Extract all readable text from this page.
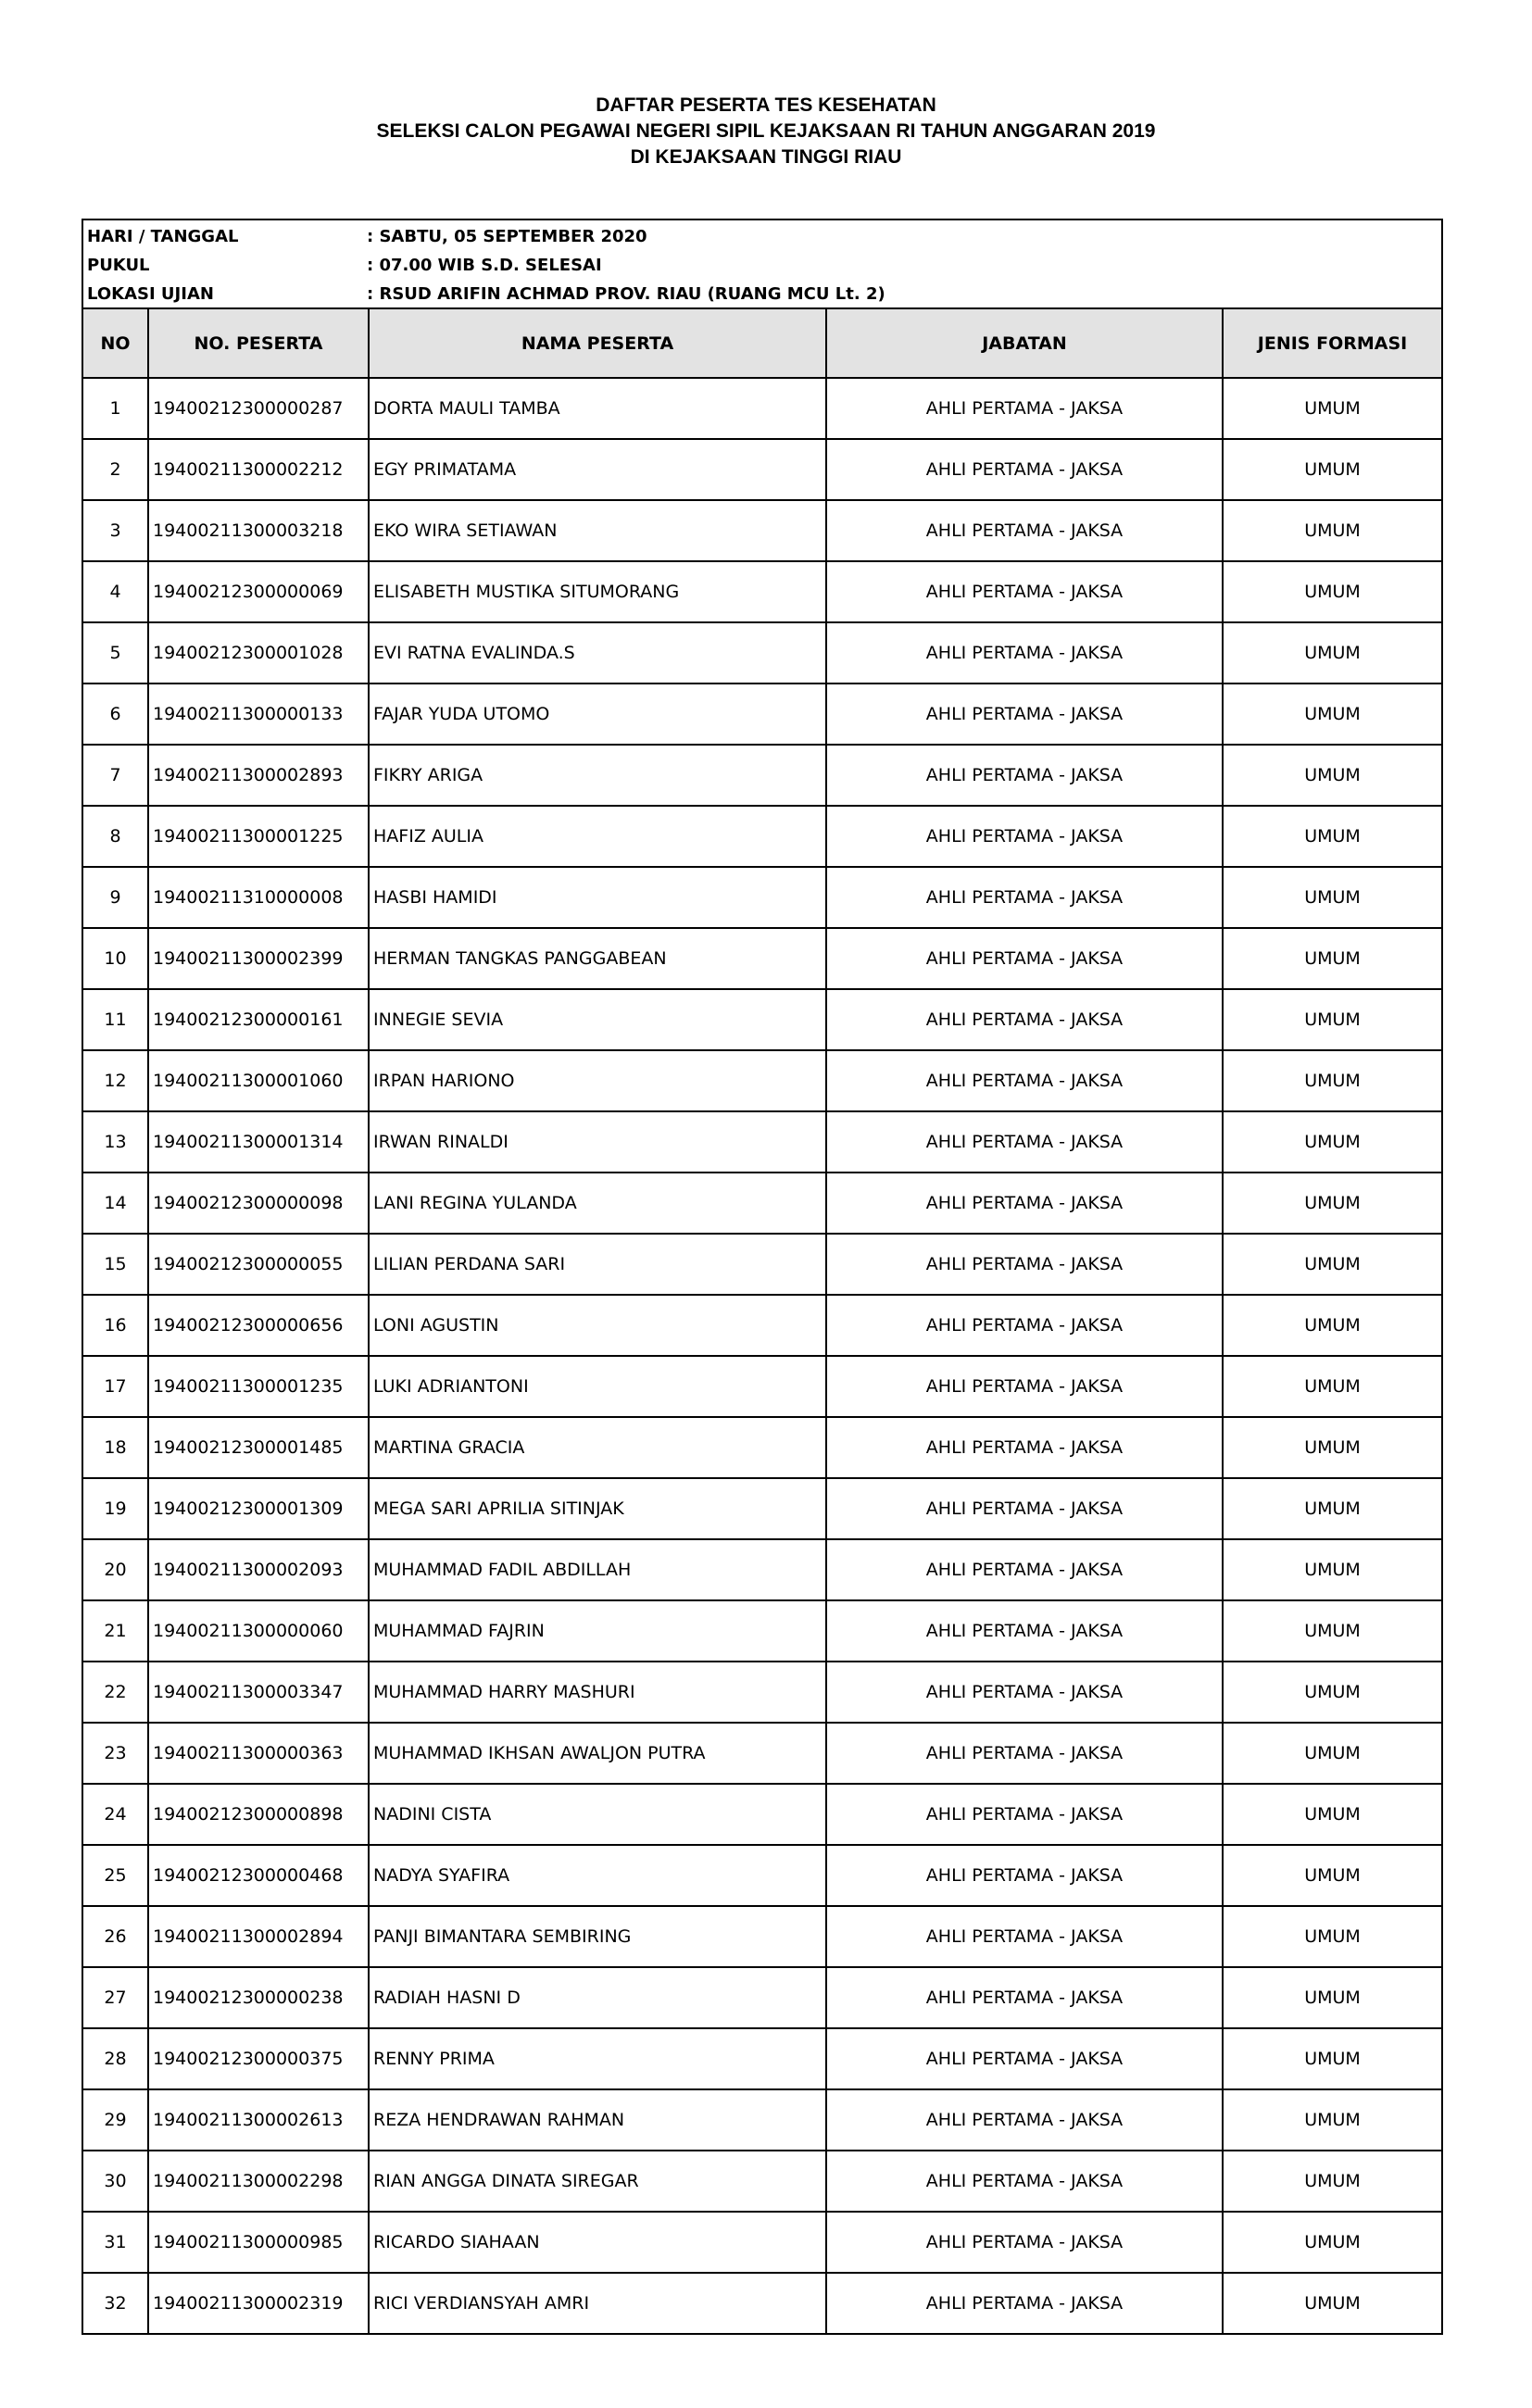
DAFTAR PESERTA TES KESEHATAN
SELEKSI CALON PEGAWAI NEGERI SIPIL KEJAKSAAN RI TAHUN ANGGARAN 2019
DI KEJAKSAAN TINGGI RIAU
HARI / TANGGAL	: SABTU, 05 SEPTEMBER 2020
PUKUL	: 07.00 WIB S.D. SELESAI
LOKASI UJIAN	: RSUD ARIFIN ACHMAD PROV. RIAU (RUANG MCU Lt. 2)
NO	NO. PESERTA	NAMA PESERTA	JABATAN	JENIS FORMASI
1	19400212300000287	DORTA MAULI TAMBA	AHLI PERTAMA - JAKSA	UMUM
2	19400211300002212	EGY PRIMATAMA	AHLI PERTAMA - JAKSA	UMUM
3	19400211300003218	EKO WIRA SETIAWAN	AHLI PERTAMA - JAKSA	UMUM
4	19400212300000069	ELISABETH MUSTIKA SITUMORANG	AHLI PERTAMA - JAKSA	UMUM
5	19400212300001028	EVI RATNA EVALINDA.S	AHLI PERTAMA - JAKSA	UMUM
6	19400211300000133	FAJAR YUDA UTOMO	AHLI PERTAMA - JAKSA	UMUM
7	19400211300002893	FIKRY ARIGA	AHLI PERTAMA - JAKSA	UMUM
8	19400211300001225	HAFIZ AULIA	AHLI PERTAMA - JAKSA	UMUM
9	19400211310000008	HASBI HAMIDI	AHLI PERTAMA - JAKSA	UMUM
10	19400211300002399	HERMAN TANGKAS PANGGABEAN	AHLI PERTAMA - JAKSA	UMUM
11	19400212300000161	INNEGIE SEVIA	AHLI PERTAMA - JAKSA	UMUM
12	19400211300001060	IRPAN HARIONO	AHLI PERTAMA - JAKSA	UMUM
13	19400211300001314	IRWAN RINALDI	AHLI PERTAMA - JAKSA	UMUM
14	19400212300000098	LANI REGINA YULANDA	AHLI PERTAMA - JAKSA	UMUM
15	19400212300000055	LILIAN PERDANA SARI	AHLI PERTAMA - JAKSA	UMUM
16	19400212300000656	LONI AGUSTIN	AHLI PERTAMA - JAKSA	UMUM
17	19400211300001235	LUKI ADRIANTONI	AHLI PERTAMA - JAKSA	UMUM
18	19400212300001485	MARTINA GRACIA	AHLI PERTAMA - JAKSA	UMUM
19	19400212300001309	MEGA SARI APRILIA SITINJAK	AHLI PERTAMA - JAKSA	UMUM
20	19400211300002093	MUHAMMAD FADIL ABDILLAH	AHLI PERTAMA - JAKSA	UMUM
21	19400211300000060	MUHAMMAD FAJRIN	AHLI PERTAMA - JAKSA	UMUM
22	19400211300003347	MUHAMMAD HARRY MASHURI	AHLI PERTAMA - JAKSA	UMUM
23	19400211300000363	MUHAMMAD IKHSAN AWALJON PUTRA	AHLI PERTAMA - JAKSA	UMUM
24	19400212300000898	NADINI CISTA	AHLI PERTAMA - JAKSA	UMUM
25	19400212300000468	NADYA SYAFIRA	AHLI PERTAMA - JAKSA	UMUM
26	19400211300002894	PANJI BIMANTARA SEMBIRING	AHLI PERTAMA - JAKSA	UMUM
27	19400212300000238	RADIAH HASNI D	AHLI PERTAMA - JAKSA	UMUM
28	19400212300000375	RENNY PRIMA	AHLI PERTAMA - JAKSA	UMUM
29	19400211300002613	REZA HENDRAWAN RAHMAN	AHLI PERTAMA - JAKSA	UMUM
30	19400211300002298	RIAN ANGGA DINATA SIREGAR	AHLI PERTAMA - JAKSA	UMUM
31	19400211300000985	RICARDO SIAHAAN	AHLI PERTAMA - JAKSA	UMUM
32	19400211300002319	RICI VERDIANSYAH AMRI	AHLI PERTAMA - JAKSA	UMUM
